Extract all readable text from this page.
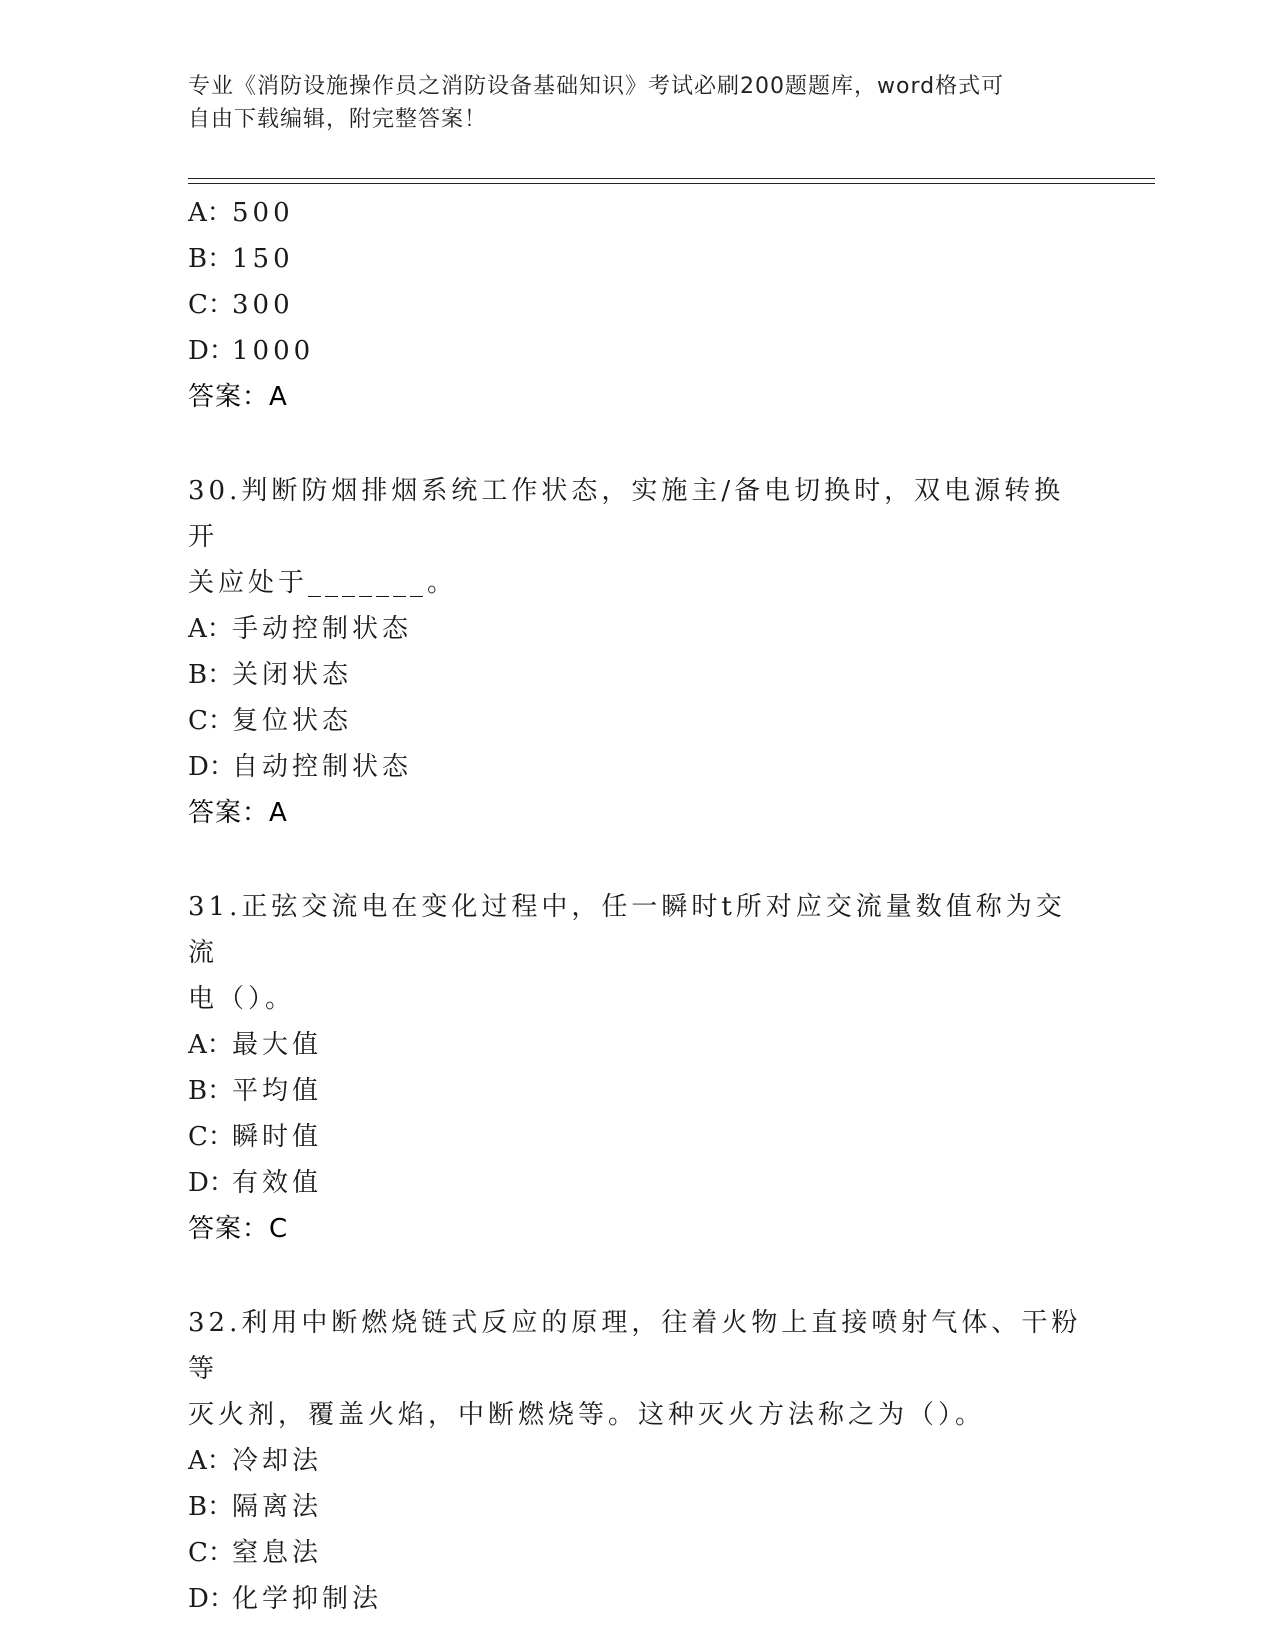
专业《消防设施操作员之消防设备基础知识》考试必刷200题题库，word格式可
自由下载编辑，附完整答案！
A：500
B：150
C：300
D：1000
答案：A
30.判断防烟排烟系统工作状态，实施主/备电切换时，双电源转换开
关应处于_______。
A：手动控制状态
B：关闭状态
C：复位状态
D：自动控制状态
答案：A
31.正弦交流电在变化过程中，任一瞬时t所对应交流量数值称为交流
电（）。
A：最大值
B：平均值
C：瞬时值
D：有效值
答案：C
32.利用中断燃烧链式反应的原理，往着火物上直接喷射气体、干粉等
灭火剂，覆盖火焰，中断燃烧等。这种灭火方法称之为（）。
A：冷却法
B：隔离法
C：窒息法
D：化学抑制法
